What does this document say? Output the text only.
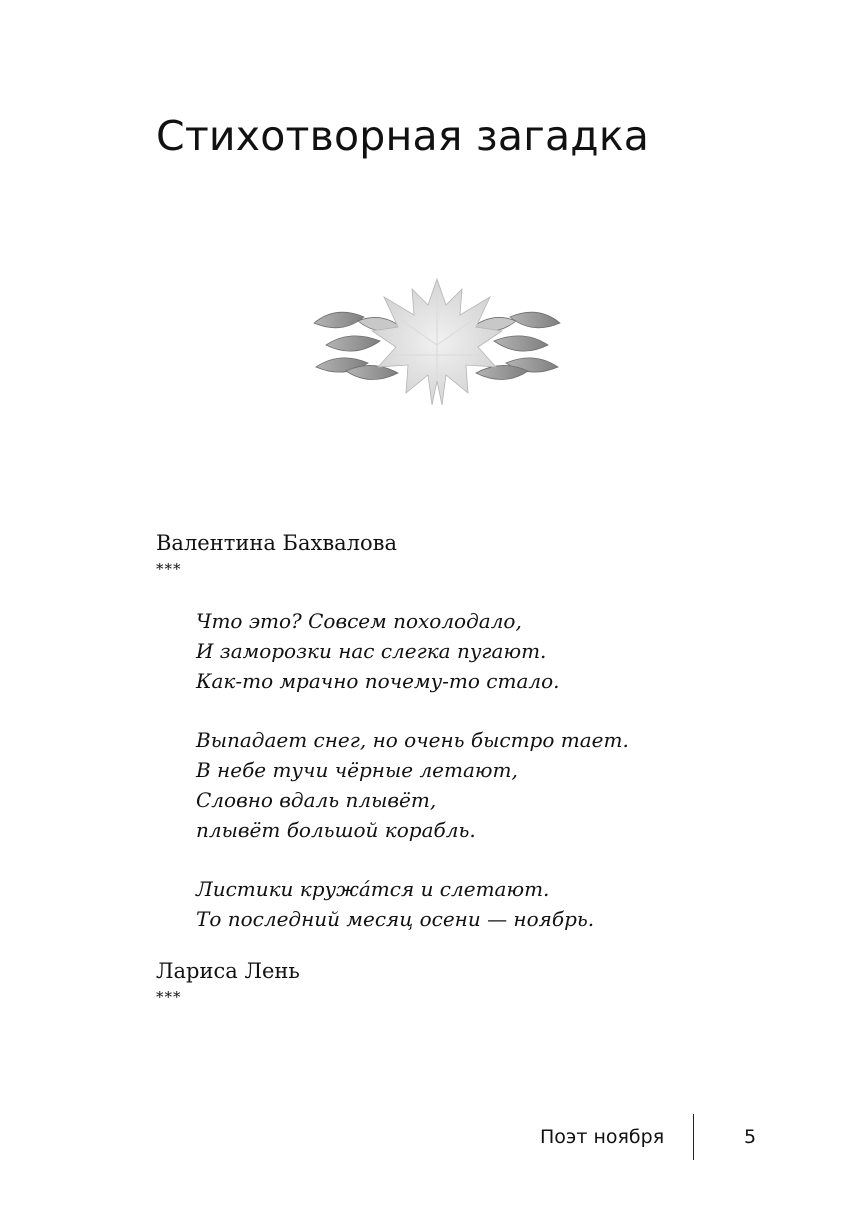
Стихотворная загадка

Валентина Бахвалова

***
Что это? Совсем похолодало,
И заморозки нас слегка пугают.
Как-то мрачно почему-то стало.
Выпадает снег, но очень быстро тает.
В небе тучи чёрные летают,
Словно вдаль плывёт,
плывёт большой корабль.
Листики кружáтся и слетают.
То последний месяц осени — ноябрь.

Лариса Лень

***
Поэт ноября	5
